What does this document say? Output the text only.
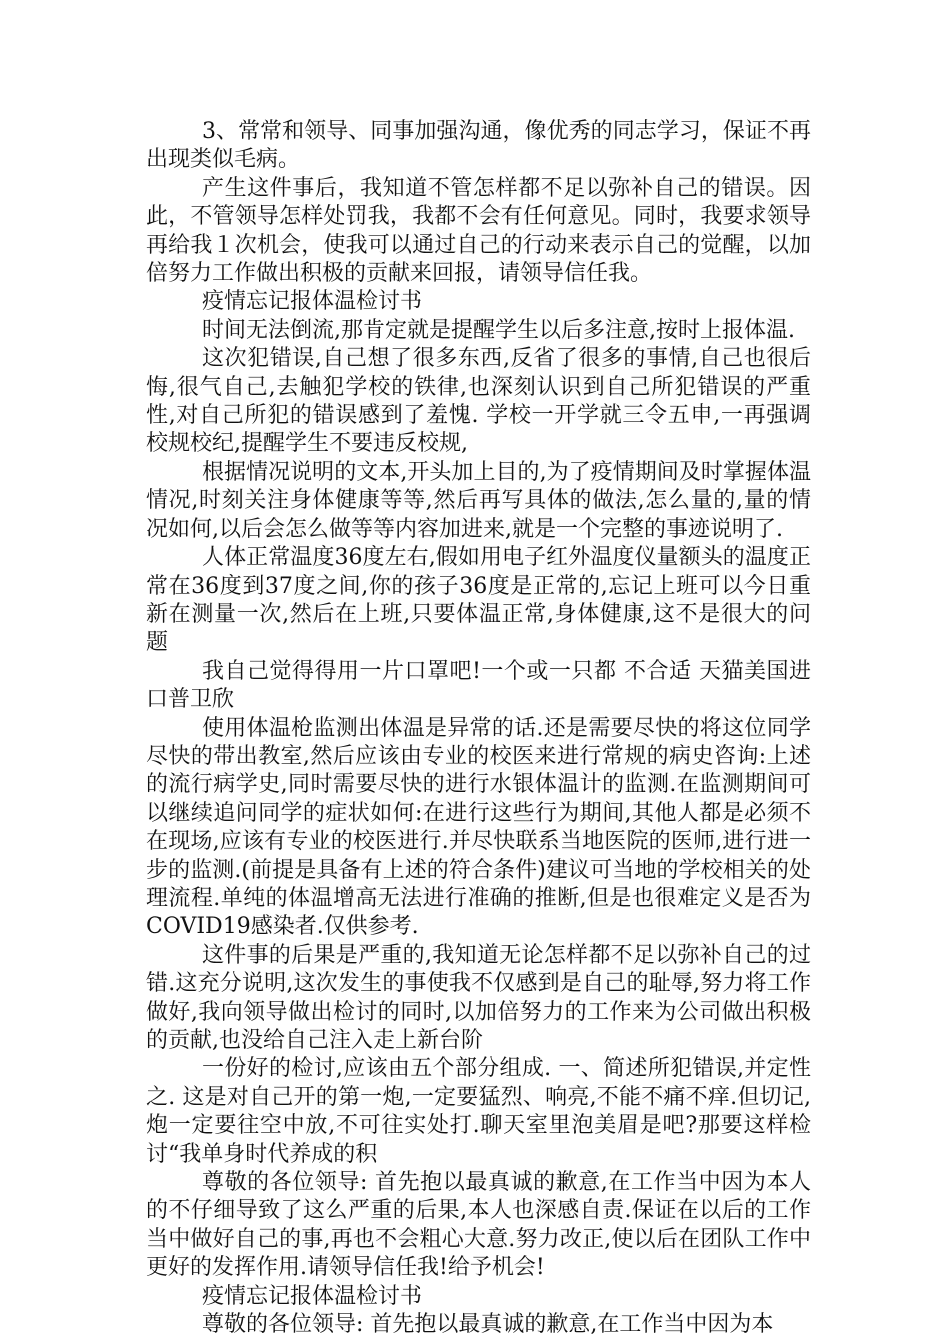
3、常常和领导、同事加强沟通，像优秀的同志学习，保证不再出现类似毛病。

产生这件事后，我知道不管怎样都不足以弥补自己的错误。因此，不管领导怎样处罚我，我都不会有任何意见。同时，我要求领导再给我１次机会，使我可以通过自己的行动来表示自己的觉醒，以加倍努力工作做出积极的贡献来回报，请领导信任我。

疫情忘记报体温检讨书

时间无法倒流,那肯定就是提醒学生以后多注意,按时上报体温.

这次犯错误,自己想了很多东西,反省了很多的事情,自己也很后悔,很气自己,去触犯学校的铁律,也深刻认识到自己所犯错误的严重性,对自己所犯的错误感到了羞愧. 学校一开学就三令五申,一再强调校规校纪,提醒学生不要违反校规,

根据情况说明的文本,开头加上目的,为了疫情期间及时掌握体温情况,时刻关注身体健康等等,然后再写具体的做法,怎么量的,量的情况如何,以后会怎么做等等内容加进来,就是一个完整的事迹说明了.

人体正常温度36度左右,假如用电子红外温度仪量额头的温度正常在36度到37度之间,你的孩子36度是正常的,忘记上班可以今日重新在测量一次,然后在上班,只要体温正常,身体健康,这不是很大的问题

我自己觉得得用一片口罩吧!一个或一只都 不合适 天猫美国进口普卫欣

使用体温枪监测出体温是异常的话.还是需要尽快的将这位同学尽快的带出教室,然后应该由专业的校医来进行常规的病史咨询:上述的流行病学史,同时需要尽快的进行水银体温计的监测.在监测期间可以继续追问同学的症状如何:在进行这些行为期间,其他人都是必须不在现场,应该有专业的校医进行.并尽快联系当地医院的医师,进行进一步的监测.(前提是具备有上述的符合条件)建议可当地的学校相关的处理流程.单纯的体温增高无法进行准确的推断,但是也很难定义是否为COVID19感染者.仅供参考.

这件事的后果是严重的,我知道无论怎样都不足以弥补自己的过错.这充分说明,这次发生的事使我不仅感到是自己的耻辱,努力将工作做好,我向领导做出检讨的同时,以加倍努力的工作来为公司做出积极的贡献,也没给自己注入走上新台阶

一份好的检讨,应该由五个部分组成. 一、简述所犯错误,并定性之. 这是对自己开的第一炮,一定要猛烈、响亮,不能不痛不痒.但切记,炮一定要往空中放,不可往实处打.聊天室里泡美眉是吧?那要这样检讨“我单身时代养成的积

尊敬的各位领导: 首先抱以最真诚的歉意,在工作当中因为本人的不仔细导致了这么严重的后果,本人也深感自责.保证在以后的工作当中做好自己的事,再也不会粗心大意.努力改正,使以后在团队工作中更好的发挥作用.请领导信任我!给予机会!

疫情忘记报体温检讨书

尊敬的各位领导: 首先抱以最真诚的歉意,在工作当中因为本
